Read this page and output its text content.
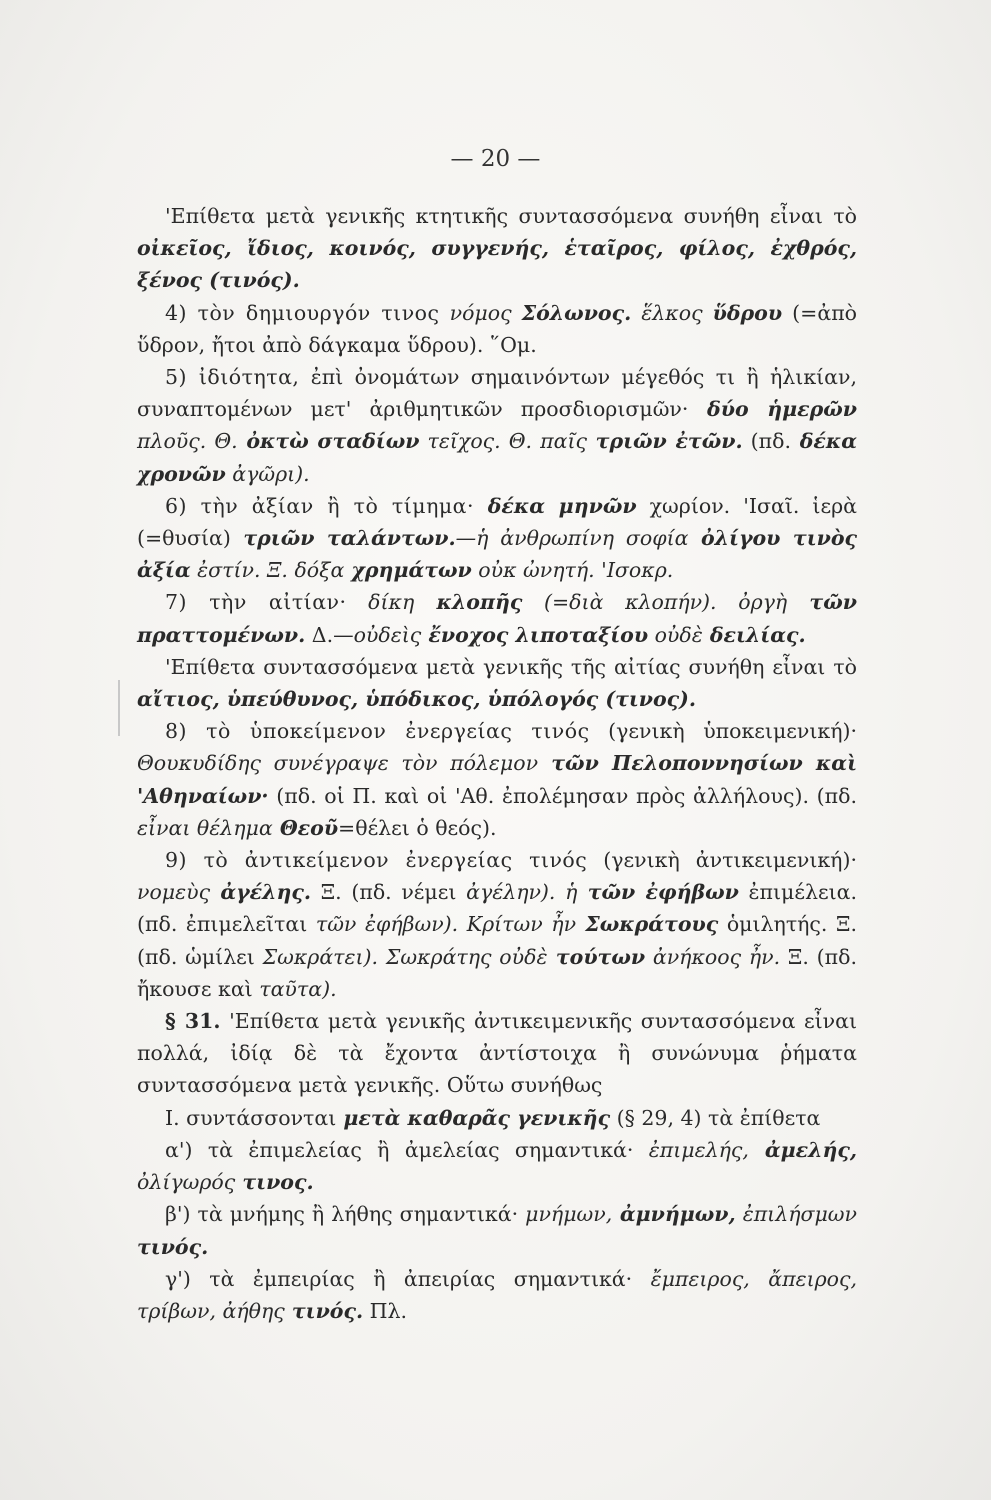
— 20 —

'Επίθετα μετὰ γενικῆς κτητικῆς συντασσόμενα συνήθη εἶναι τὸ οἰκεῖος, ἴδιος, κοινός, συγγενής, ἑταῖρος, φίλος, ἐχθρός, ξένος (τινός).

4) τὸν δημιουργόν τινος νόμος Σόλωνος. ἕλκος ὕδρου (=ἀπὸ ὕδρον, ἤτοι ἀπὸ δάγκαμα ὕδρου). ῞Ομ.

5) ἰδιότητα, ἐπὶ ὀνομάτων σημαινόντων μέγεθός τι ἢ ἡλικίαν, συναπτομένων μετ' ἀριθμητικῶν προσδιορισμῶν· δύο ἡμερῶν πλοῦς. Θ. ὀκτὼ σταδίων τεῖχος. Θ. παῖς τριῶν ἐτῶν. (πδ. δέκα χρονῶν ἀγῶρι).

6) τὴν ἀξίαν ἢ τὸ τίμημα· δέκα μηνῶν χωρίον. 'Ισαῖ. ἱερὰ (=θυσία) τριῶν ταλάντων.—ἡ ἀνθρωπίνη σοφία ὀλίγου τινὸς ἀξία ἐστίν. Ξ. δόξα χρημάτων οὐκ ὠνητή. 'Ισοκρ.

7) τὴν αἰτίαν· δίκη κλοπῆς (=διὰ κλοπήν). ὀργὴ τῶν πραττομένων. Δ.—οὐδεὶς ἔνοχος λιποταξίου οὐδὲ δειλίας.

'Επίθετα συντασσόμενα μετὰ γενικῆς τῆς αἰτίας συνήθη εἶναι τὸ αἴτιος, ὑπεύθυνος, ὑπόδικος, ὑπόλογός (τινος).

8) τὸ ὑποκείμενον ἐνεργείας τινός (γενικὴ ὑποκειμενική)· Θουκυδίδης συνέγραψε τὸν πόλεμον τῶν Πελοποννησίων καὶ 'Αθηναίων· (πδ. οἱ Π. καὶ οἱ 'Αθ. ἐπολέμησαν πρὸς ἀλλήλους). (πδ. εἶναι θέλημα Θεοῦ=θέλει ὁ θεός).

9) τὸ ἀντικείμενον ἐνεργείας τινός (γενικὴ ἀντικειμενική)· νομεὺς ἀγέλης. Ξ. (πδ. νέμει ἀγέλην). ἡ τῶν ἐφήβων ἐπιμέλεια. (πδ. ἐπιμελεῖται τῶν ἐφήβων). Κρίτων ἦν Σωκράτους ὁμιλητής. Ξ. (πδ. ὡμίλει Σωκράτει). Σωκράτης οὐδὲ τούτων ἀνήκοος ἦν. Ξ. (πδ. ἤκουσε καὶ ταῦτα).

§ 31. 'Επίθετα μετὰ γενικῆς ἀντικειμενικῆς συντασσόμενα εἶναι πολλά, ἰδίᾳ δὲ τὰ ἔχοντα ἀντίστοιχα ἢ συνώνυμα ῥήματα συντασσόμενα μετὰ γενικῆς. Οὕτω συνήθως

Ι. συντάσσονται μετὰ καθαρᾶς γενικῆς (§ 29, 4) τὰ ἐπίθετα

α') τὰ ἐπιμελείας ἢ ἀμελείας σημαντικά· ἐπιμελής, ἀμελής, ὀλίγωρός τινος.

β') τὰ μνήμης ἢ λήθης σημαντικά· μνήμων, ἀμνήμων, ἐπιλήσμων τινός.

γ') τὰ ἐμπειρίας ἢ ἀπειρίας σημαντικά· ἔμπειρος, ἄπειρος, τρίβων, ἀήθης τινός. Πλ.
